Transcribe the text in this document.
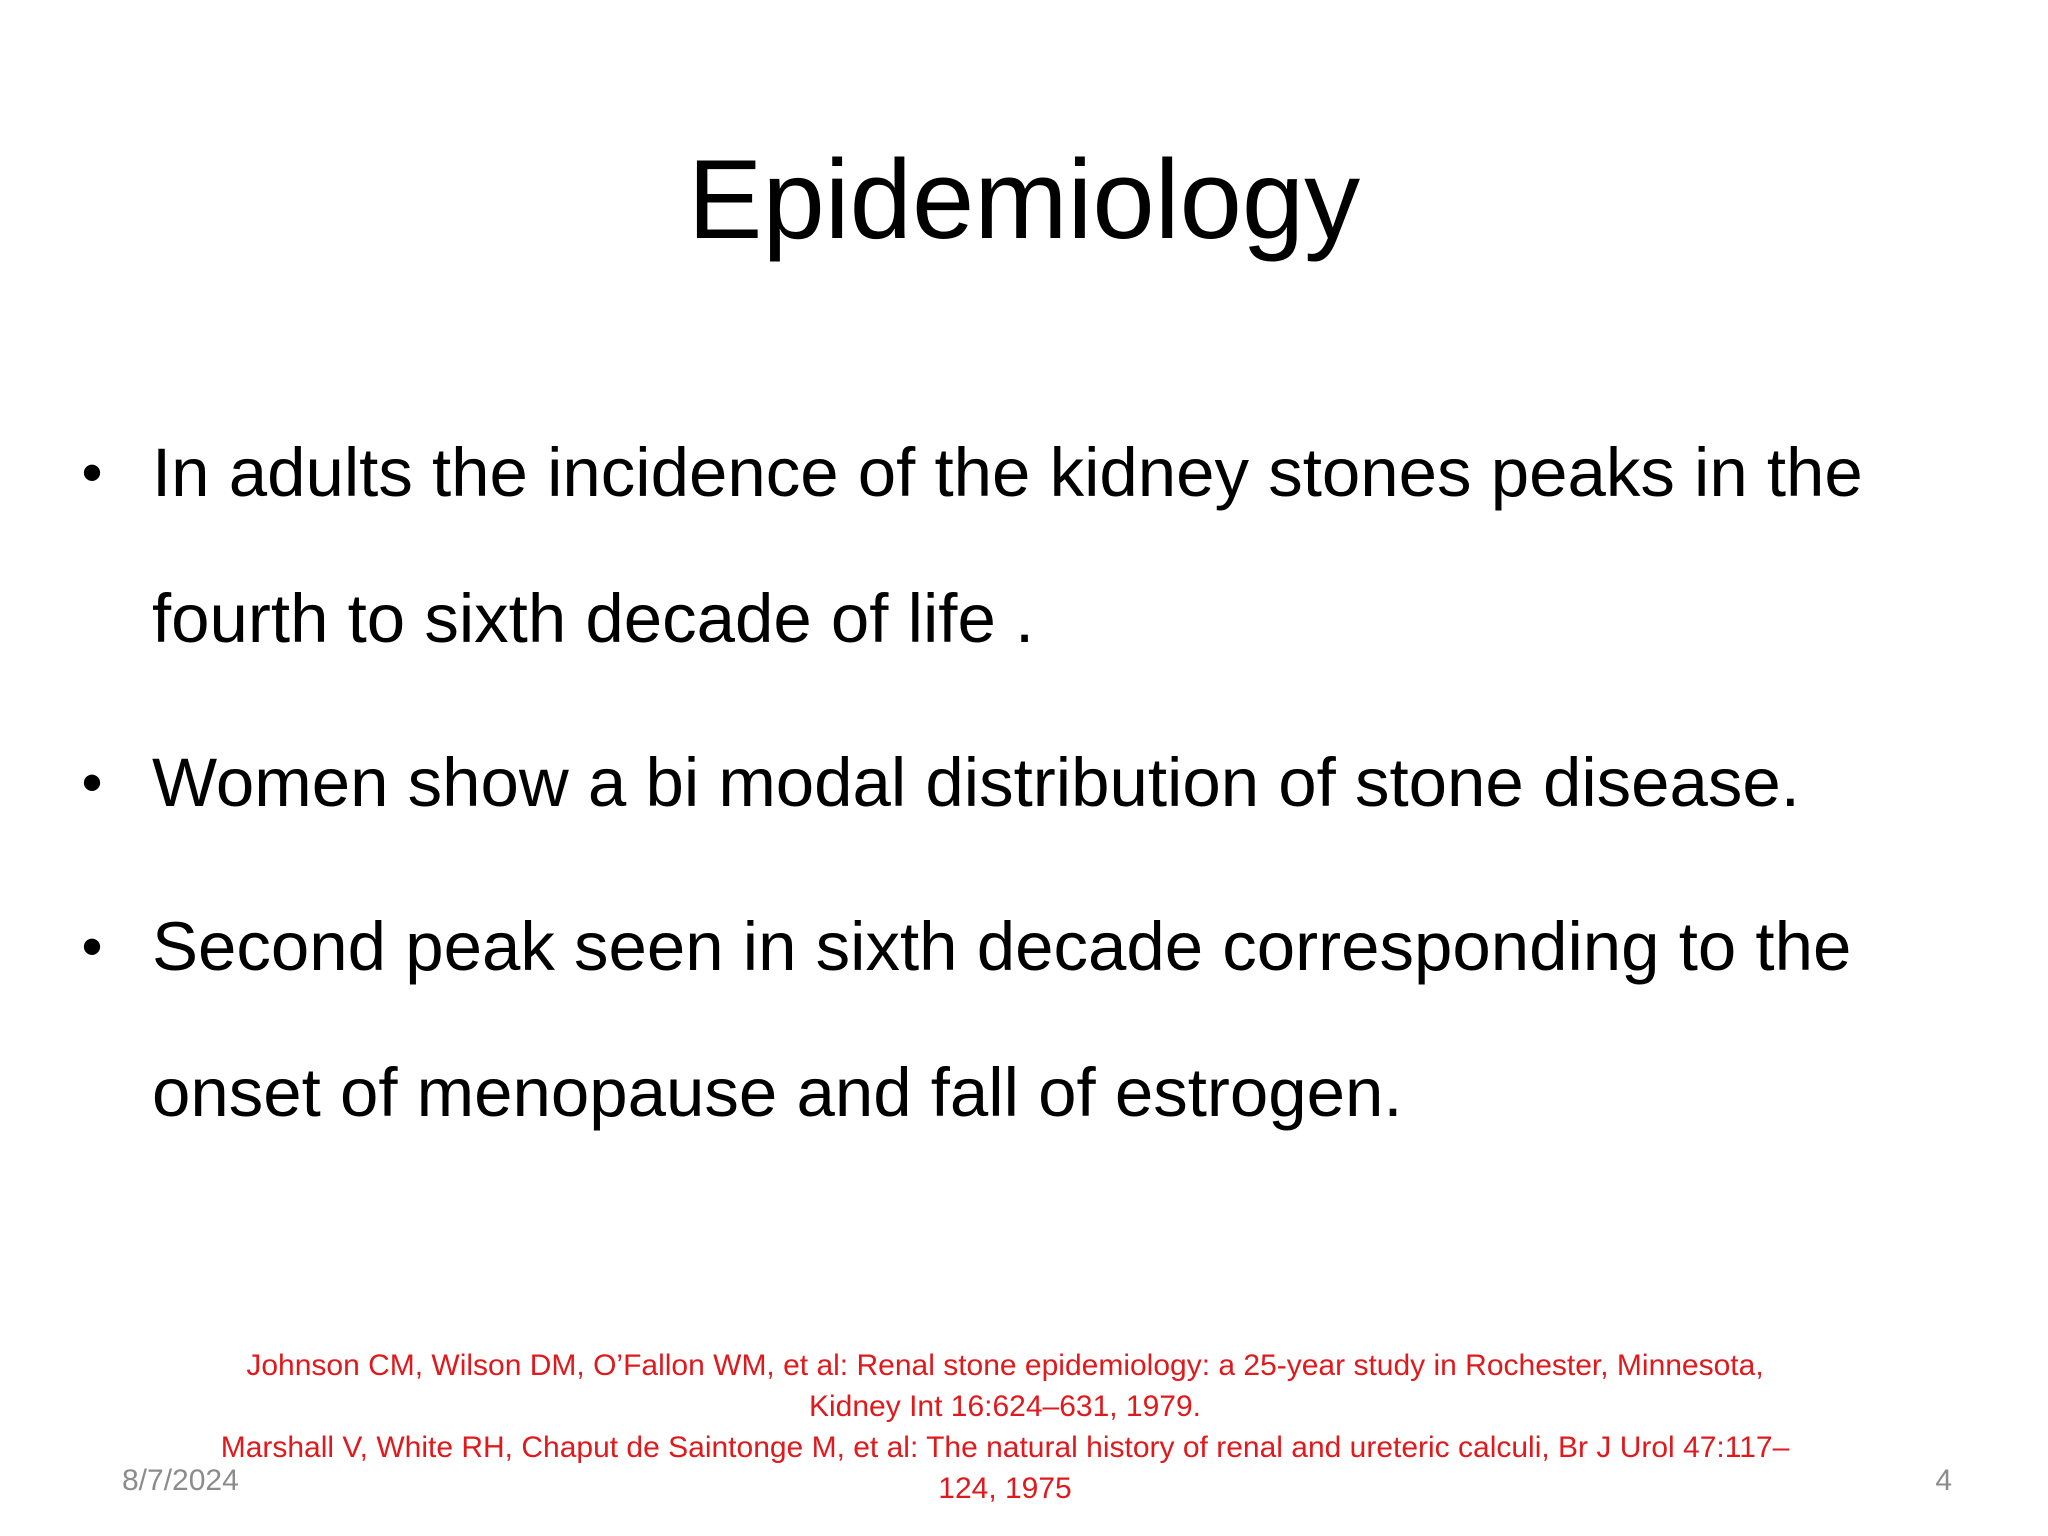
Epidemiology
• In adults the incidence of the kidney stones peaks in the fourth to sixth decade of life .
• Women show a bi modal distribution of stone disease.
• Second peak seen in sixth decade corresponding to the onset of menopause and fall of estrogen.
Johnson CM, Wilson DM, O’Fallon WM, et al: Renal stone epidemiology: a 25-year study in Rochester, Minnesota, Kidney Int 16:624–631, 1979.
Marshall V, White RH, Chaput de Saintonge M, et al: The natural history of renal and ureteric calculi, Br J Urol 47:117–124, 1975
8/7/2024	4
